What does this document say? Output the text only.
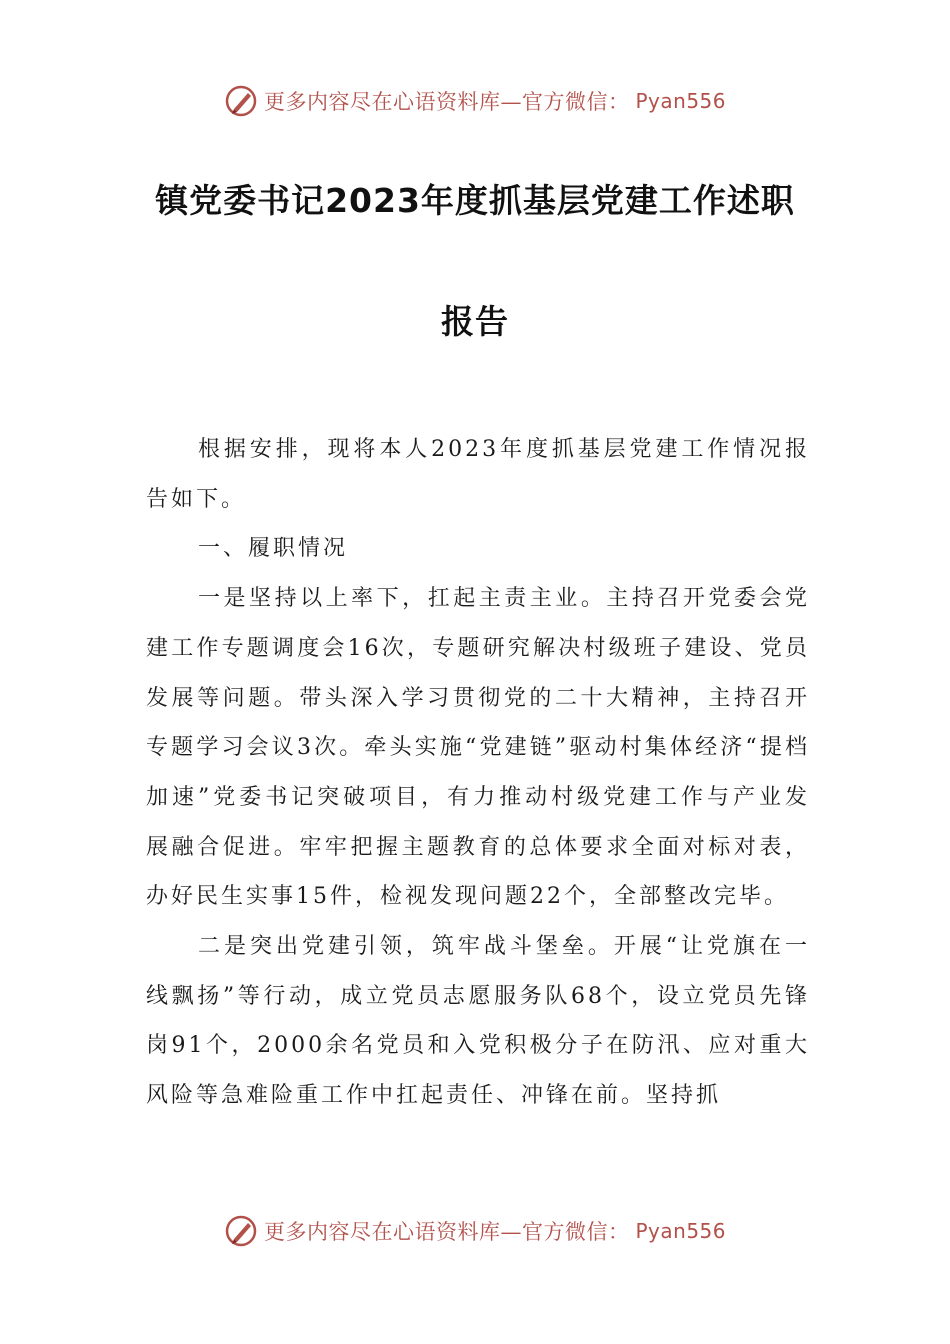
更多内容尽在心语资料库—官方微信： Pyan556
镇党委书记2023年度抓基层党建工作述职
报告

根据安排，现将本人2023年度抓基层党建工作情况报告如下。

一、履职情况

一是坚持以上率下，扛起主责主业。主持召开党委会党建工作专题调度会16次，专题研究解决村级班子建设、党员发展等问题。带头深入学习贯彻党的二十大精神，主持召开专题学习会议3次。牵头实施“党建链”驱动村集体经济“提档加速”党委书记突破项目，有力推动村级党建工作与产业发展融合促进。牢牢把握主题教育的总体要求全面对标对表，办好民生实事15件，检视发现问题22个，全部整改完毕。

二是突出党建引领，筑牢战斗堡垒。开展“让党旗在一线飘扬”等行动，成立党员志愿服务队68个，设立党员先锋岗91个，2000余名党员和入党积极分子在防汛、应对重大风险等急难险重工作中扛起责任、冲锋在前。坚持抓

更多内容尽在心语资料库—官方微信： Pyan556
